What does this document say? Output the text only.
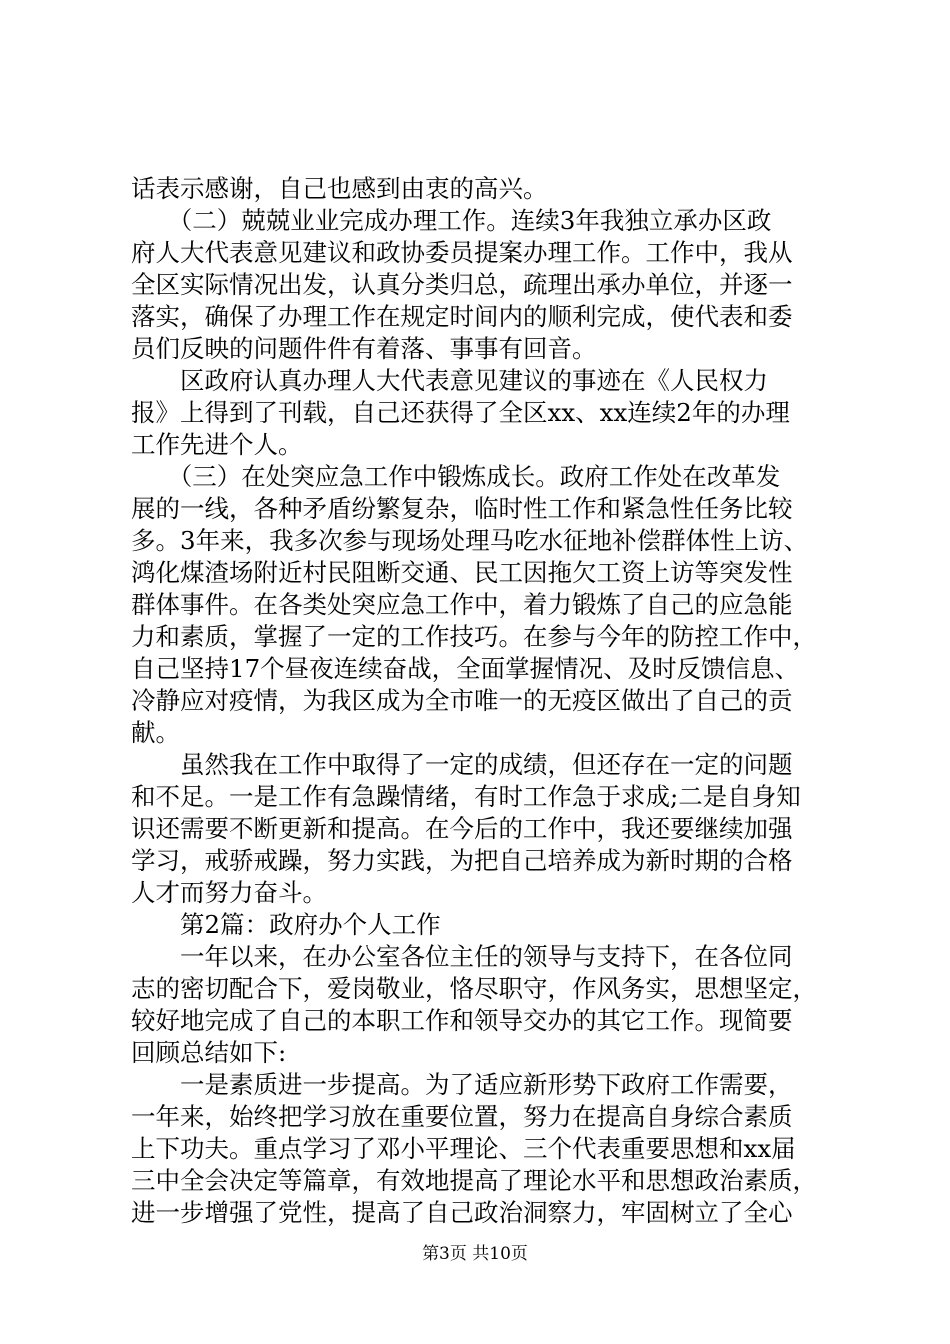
话表示感谢，自己也感到由衷的高兴。
　　（二）兢兢业业完成办理工作。连续3年我独立承办区政
府人大代表意见建议和政协委员提案办理工作。工作中，我从
全区实际情况出发，认真分类归总，疏理出承办单位，并逐一
落实，确保了办理工作在规定时间内的顺利完成，使代表和委
员们反映的问题件件有着落、事事有回音。
　　区政府认真办理人大代表意见建议的事迹在《人民权力
报》上得到了刊载，自己还获得了全区xx、xx连续2年的办理
工作先进个人。
　　（三）在处突应急工作中锻炼成长。政府工作处在改革发
展的一线，各种矛盾纷繁复杂，临时性工作和紧急性任务比较
多。3年来，我多次参与现场处理马吃水征地补偿群体性上访、
鸿化煤渣场附近村民阻断交通、民工因拖欠工资上访等突发性
群体事件。在各类处突应急工作中，着力锻炼了自己的应急能
力和素质，掌握了一定的工作技巧。在参与今年的防控工作中，
自己坚持17个昼夜连续奋战，全面掌握情况、及时反馈信息、
冷静应对疫情，为我区成为全市唯一的无疫区做出了自己的贡
献。
　　虽然我在工作中取得了一定的成绩，但还存在一定的问题
和不足。一是工作有急躁情绪，有时工作急于求成;二是自身知
识还需要不断更新和提高。在今后的工作中，我还要继续加强
学习，戒骄戒躁，努力实践，为把自己培养成为新时期的合格
人才而努力奋斗。
　　第2篇：政府办个人工作
　　一年以来，在办公室各位主任的领导与支持下，在各位同
志的密切配合下，爱岗敬业，恪尽职守，作风务实，思想坚定，
较好地完成了自己的本职工作和领导交办的其它工作。现简要
回顾总结如下:
　　一是素质进一步提高。为了适应新形势下政府工作需要，
一年来，始终把学习放在重要位置，努力在提高自身综合素质
上下功夫。重点学习了邓小平理论、三个代表重要思想和xx届
三中全会决定等篇章，有效地提高了理论水平和思想政治素质，
进一步增强了党性，提高了自己政治洞察力，牢固树立了全心
第3页 共10页
